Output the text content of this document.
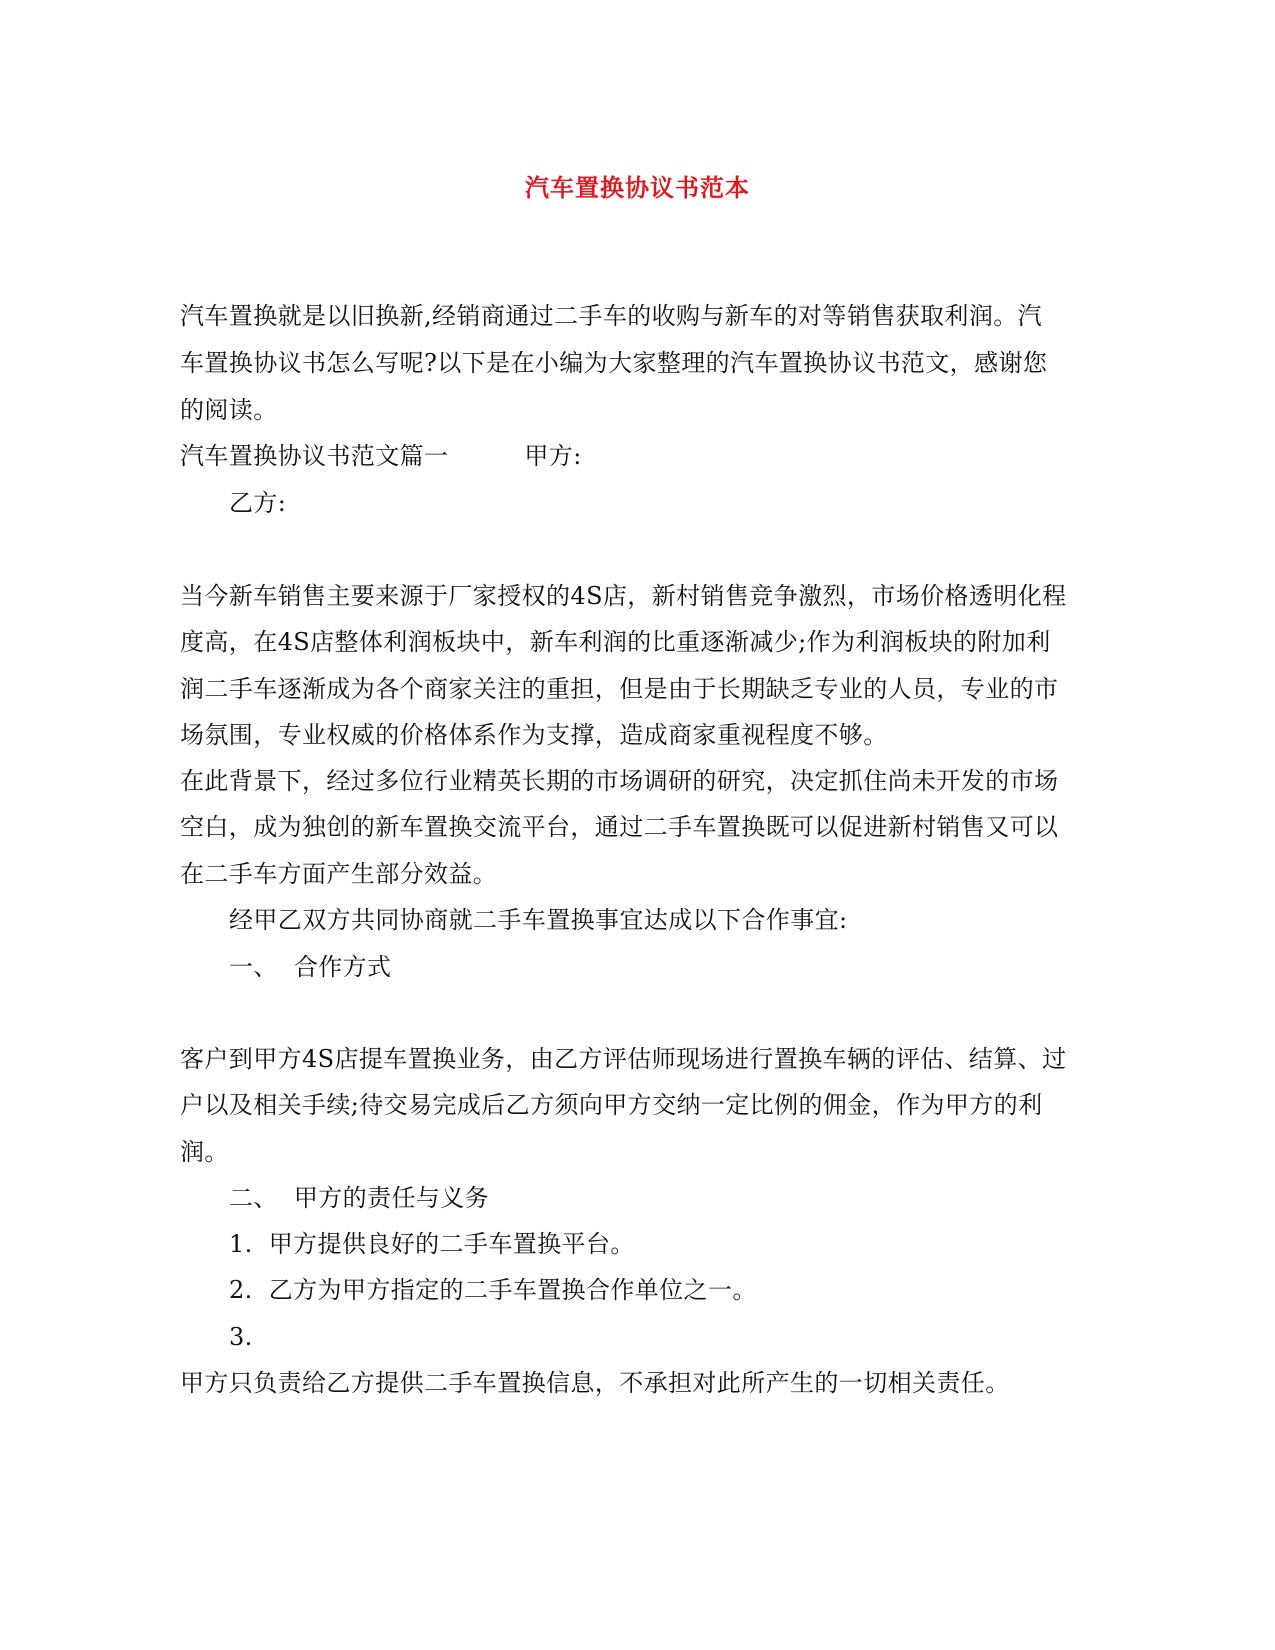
汽车置换协议书范本
汽车置换就是以旧换新,经销商通过二手车的收购与新车的对等销售获取利润。汽
车置换协议书怎么写呢?以下是在小编为大家整理的汽车置换协议书范文，感谢您
的阅读。
汽车置换协议书范文篇一	甲方:
乙方:
当今新车销售主要来源于厂家授权的4S店，新村销售竞争激烈，市场价格透明化程
度高，在4S店整体利润板块中，新车利润的比重逐渐减少;作为利润板块的附加利
润二手车逐渐成为各个商家关注的重担，但是由于长期缺乏专业的人员，专业的市
场氛围，专业权威的价格体系作为支撑，造成商家重视程度不够。
在此背景下，经过多位行业精英长期的市场调研的研究，决定抓住尚未开发的市场
空白，成为独创的新车置换交流平台，通过二手车置换既可以促进新村销售又可以
在二手车方面产生部分效益。
经甲乙双方共同协商就二手车置换事宜达成以下合作事宜:
一、  合作方式
客户到甲方4S店提车置换业务，由乙方评估师现场进行置换车辆的评估、结算、过
户以及相关手续;待交易完成后乙方须向甲方交纳一定比例的佣金，作为甲方的利
润。
二、  甲方的责任与义务
1.  甲方提供良好的二手车置换平台。
2.  乙方为甲方指定的二手车置换合作单位之一。
3.
甲方只负责给乙方提供二手车置换信息，不承担对此所产生的一切相关责任。
